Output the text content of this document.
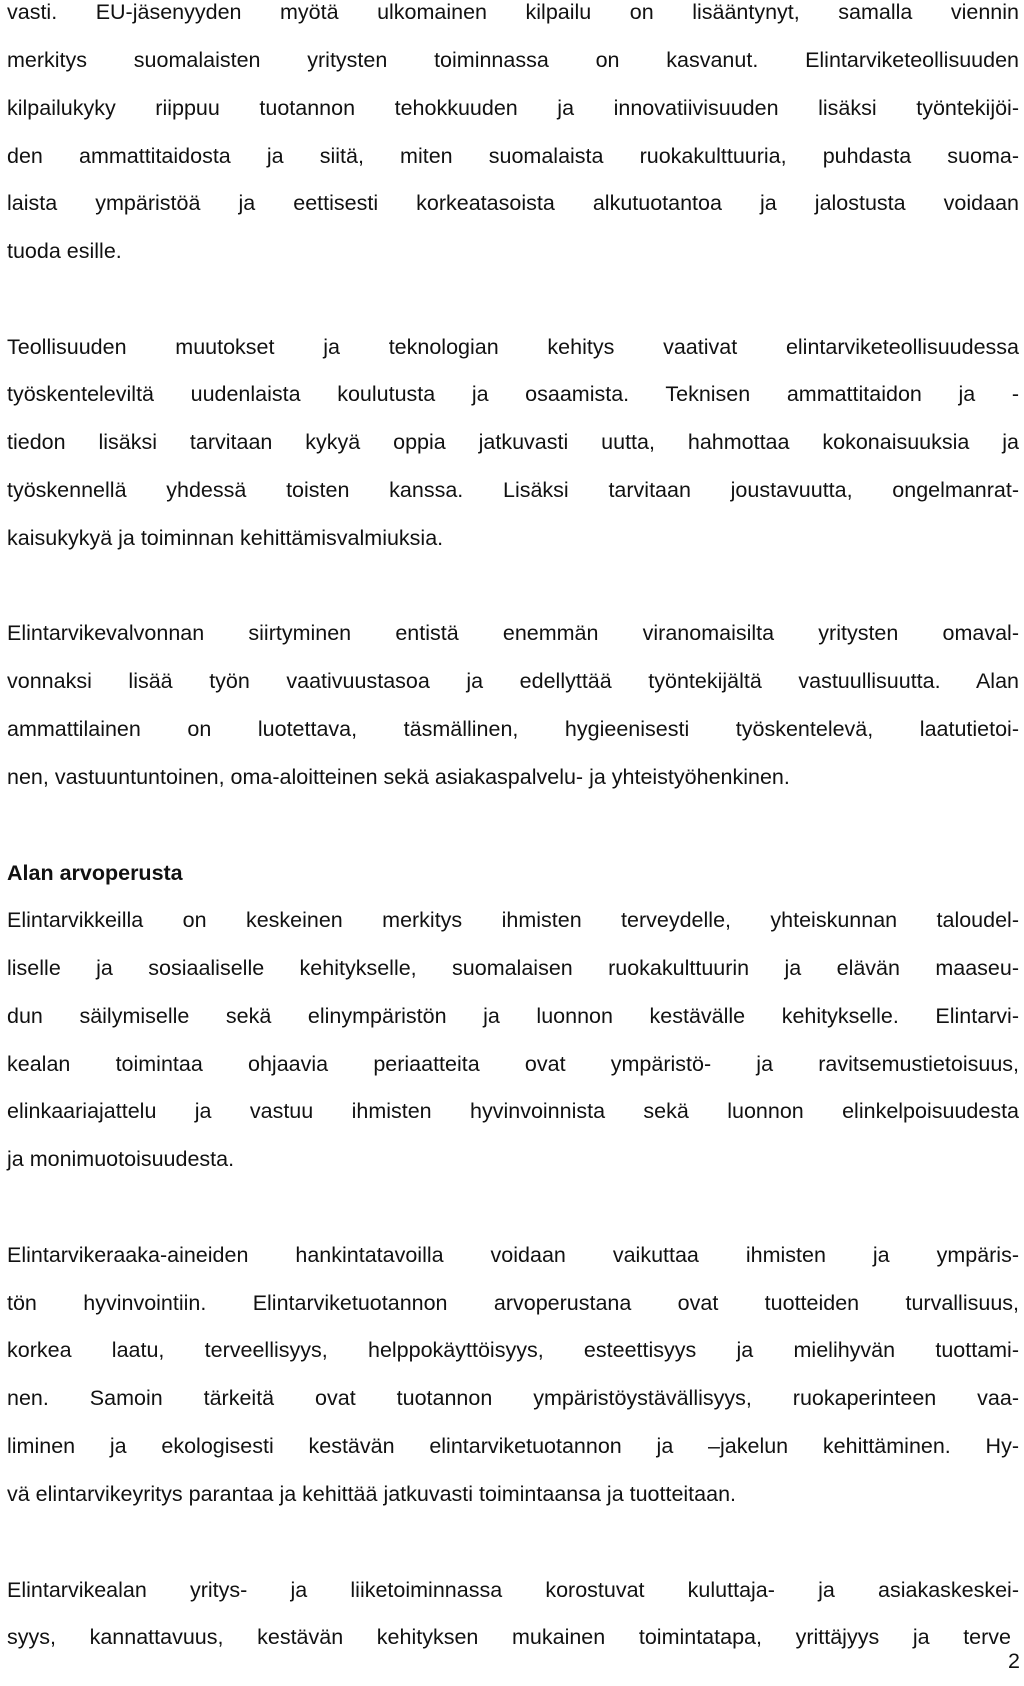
vasti. EU-jäsenyyden myötä ulkomainen kilpailu on lisääntynyt, samalla viennin
merkitys suomalaisten yritysten toiminnassa on kasvanut. Elintarviketeollisuuden
kilpailukyky riippuu tuotannon tehokkuuden ja innovatiivisuuden lisäksi työntekijöi-
den ammattitaidosta ja siitä, miten suomalaista ruokakulttuuria, puhdasta suoma-
laista ympäristöä ja eettisesti korkeatasoista alkutuotantoa ja jalostusta voidaan
tuoda esille.
Teollisuuden muutokset ja teknologian kehitys vaativat elintarviketeollisuudessa
työskenteleviltä uudenlaista koulutusta ja osaamista. Teknisen ammattitaidon ja -
tiedon lisäksi tarvitaan kykyä oppia jatkuvasti uutta, hahmottaa kokonaisuuksia ja
työskennellä yhdessä toisten kanssa. Lisäksi tarvitaan joustavuutta, ongelmanrat-
kaisukykyä ja toiminnan kehittämisvalmiuksia.
Elintarvikevalvonnan siirtyminen entistä enemmän viranomaisilta yritysten omaval-
vonnaksi lisää työn vaativuustasoa ja edellyttää työntekijältä vastuullisuutta. Alan
ammattilainen on luotettava, täsmällinen, hygieenisesti työskentelevä, laatutietoi-
nen, vastuuntuntoinen, oma-aloitteinen sekä asiakaspalvelu- ja yhteistyöhenkinen.
Alan arvoperusta
Elintarvikkeilla on keskeinen merkitys ihmisten terveydelle, yhteiskunnan taloudel-
liselle ja sosiaaliselle kehitykselle, suomalaisen ruokakulttuurin ja elävän maaseu-
dun säilymiselle sekä elinympäristön ja luonnon kestävälle kehitykselle. Elintarvi-
kealan toimintaa ohjaavia periaatteita ovat ympäristö- ja ravitsemustietoisuus,
elinkaariajattelu ja vastuu ihmisten hyvinvoinnista sekä luonnon elinkelpoisuudesta
ja monimuotoisuudesta.
Elintarvikeraaka-aineiden hankintatavoilla voidaan vaikuttaa ihmisten ja ympäris-
tön hyvinvointiin. Elintarviketuotannon arvoperustana ovat tuotteiden turvallisuus,
korkea laatu, terveellisyys, helppokäyttöisyys, esteettisyys ja mielihyvän tuottami-
nen. Samoin tärkeitä ovat tuotannon ympäristöystävällisyys, ruokaperinteen vaa-
liminen ja ekologisesti kestävän elintarviketuotannon ja –jakelun kehittäminen. Hy-
vä elintarvikeyritys parantaa ja kehittää jatkuvasti toimintaansa ja tuotteitaan.
Elintarvikealan yritys- ja liiketoiminnassa korostuvat kuluttaja- ja asiakaskeskei-
syys, kannattavuus, kestävän kehityksen mukainen toimintatapa, yrittäjyys ja terve
2
